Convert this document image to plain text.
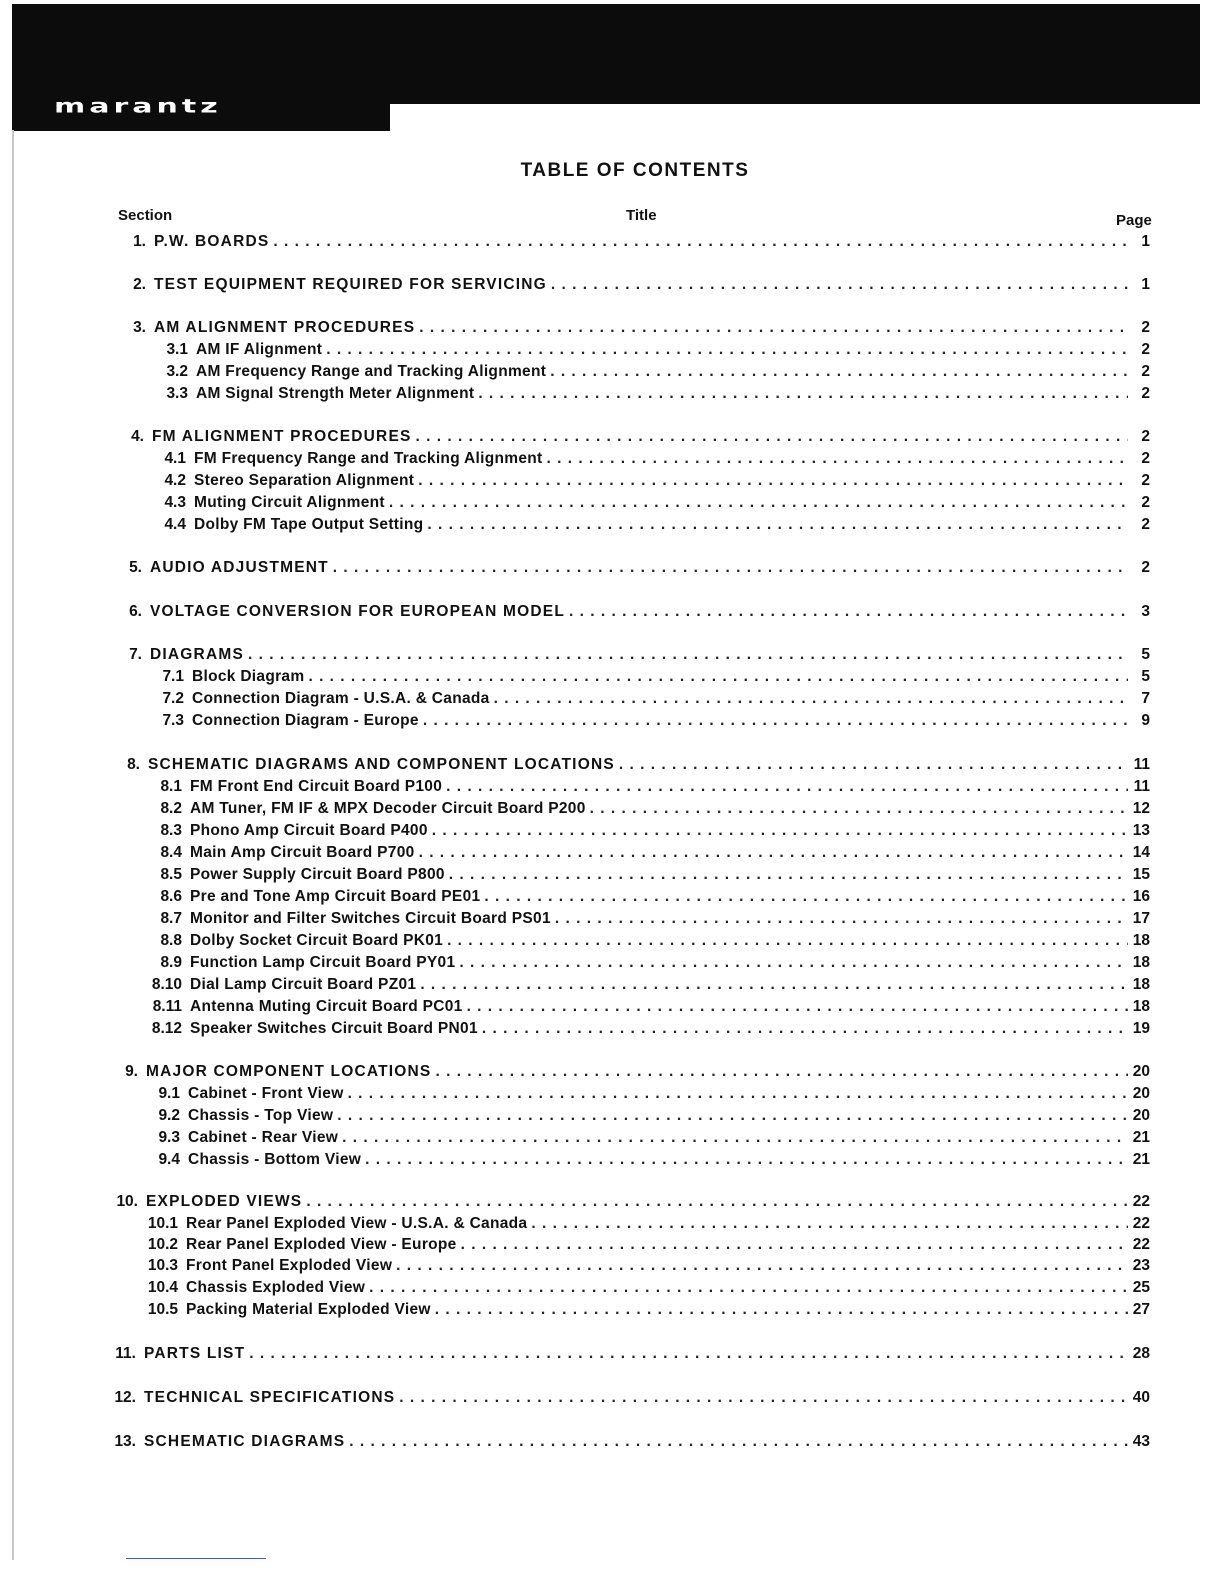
marantz

TABLE OF CONTENTS
Section	Title	Page
1. P.W. BOARDS . . .	1
2. TEST EQUIPMENT REQUIRED FOR SERVICING . . .	1
3. AM ALIGNMENT PROCEDURES . . .	2
3.1 AM IF Alignment . . .	2
3.2 AM Frequency Range and Tracking Alignment . . .	2
3.3 AM Signal Strength Meter Alignment . . .	2
4. FM ALIGNMENT PROCEDURES . . .	2
4.1 FM Frequency Range and Tracking Alignment . . .	2
4.2 Stereo Separation Alignment . . .	2
4.3 Muting Circuit Alignment . . .	2
4.4 Dolby FM Tape Output Setting . . .	2
5. AUDIO ADJUSTMENT . . .	2
6. VOLTAGE CONVERSION FOR EUROPEAN MODEL . . .	3
7. DIAGRAMS . . .	5
7.1 Block Diagram . . .	5
7.2 Connection Diagram - U.S.A. & Canada . . .	7
7.3 Connection Diagram - Europe . . .	9
8. SCHEMATIC DIAGRAMS AND COMPONENT LOCATIONS . . .	11
8.1 FM Front End Circuit Board P100 . . .	11
8.2 AM Tuner, FM IF & MPX Decoder Circuit Board P200 . . .	12
8.3 Phono Amp Circuit Board P400 . . .	13
8.4 Main Amp Circuit Board P700 . . .	14
8.5 Power Supply Circuit Board P800 . . .	15
8.6 Pre and Tone Amp Circuit Board PE01 . . .	16
8.7 Monitor and Filter Switches Circuit Board PS01 . . .	17
8.8 Dolby Socket Circuit Board PK01 . . .	18
8.9 Function Lamp Circuit Board PY01 . . .	18
8.10 Dial Lamp Circuit Board PZ01 . . .	18
8.11 Antenna Muting Circuit Board PC01 . . .	18
8.12 Speaker Switches Circuit Board PN01 . . .	19
9. MAJOR COMPONENT LOCATIONS . . .	20
9.1 Cabinet - Front View . . .	20
9.2 Chassis - Top View . . .	20
9.3 Cabinet - Rear View . . .	21
9.4 Chassis - Bottom View . . .	21
10. EXPLODED VIEWS . . .	22
10.1 Rear Panel Exploded View - U.S.A. & Canada . . .	22
10.2 Rear Panel Exploded View - Europe . . .	22
10.3 Front Panel Exploded View . . .	23
10.4 Chassis Exploded View . . .	25
10.5 Packing Material Exploded View . . .	27
11. PARTS LIST . . .	28
12. TECHNICAL SPECIFICATIONS . . .	40
13. SCHEMATIC DIAGRAMS . . .	43
